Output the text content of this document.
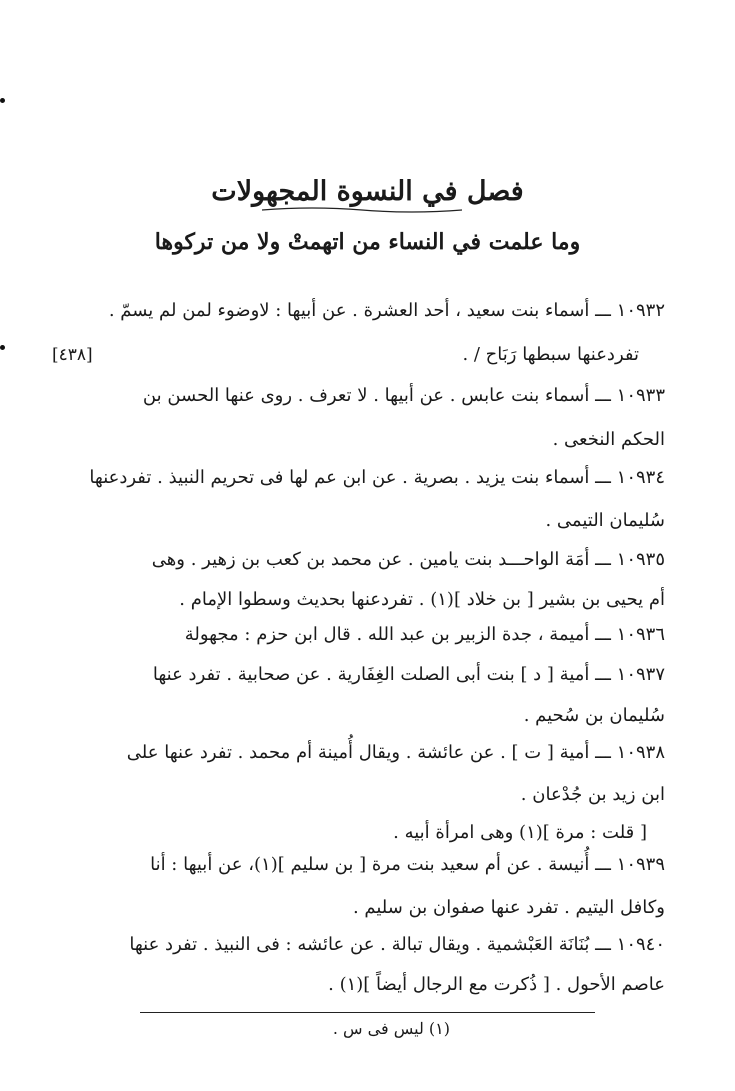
فصل في النسوة المجهولات
وما علمت في النساء من اتهمتْ ولا من تركوها
[٤٣٨]
١٠٩٣٢ ـــ أسماء بنت سعيد ، أحد العشرة . عن أبيها : لاوضوء لمن لم يسمّ .
تفردعنها سبطها رَبَاح / .
١٠٩٣٣ ـــ أسماء بنت عابس . عن أبيها . لا تعرف . روى عنها الحسن بن
الحكم النخعى .
١٠٩٣٤ ـــ أسماء بنت يزيد . بصرية . عن ابن عم لها فى تحريم النبيذ . تفردعنها
سُليمان التيمى .
١٠٩٣٥ ـــ أمَة الواحـــد بنت يامين . عن محمد بن كعب بن زهير . وهى
أم يحيى بن بشير [ بن خلاد ](١) . تفردعنها بحديث وسطوا الإمام .
١٠٩٣٦ ـــ أميمة ، جدة الزبير بن عبد الله . قال ابن حزم : مجهولة
١٠٩٣٧ ـــ أمية [ د ] بنت أبى الصلت الغِفَارية . عن صحابية . تفرد عنها
سُليمان بن سُحيم .
١٠٩٣٨ ـــ أمية [ ت ] . عن عائشة . ويقال أُمينة أم محمد . تفرد عنها على
ابن زيد بن جُدْعان .
[ قلت : مرة ](١) وهى امرأة أبيه .
١٠٩٣٩ ـــ أُنيسة . عن أم سعيد بنت مرة [ بن سليم ](١)، عن أبيها : أنا
وكافل اليتيم . تفرد عنها صفوان بن سليم .
١٠٩٤٠ ـــ بُنَانَة العَبْشمية . ويقال تبالة . عن عائشه : فى النبيذ . تفرد عنها
عاصم الأحول . [ ذُكرت مع الرجال أيضاً ](١) .
(١) ليس فى س .
